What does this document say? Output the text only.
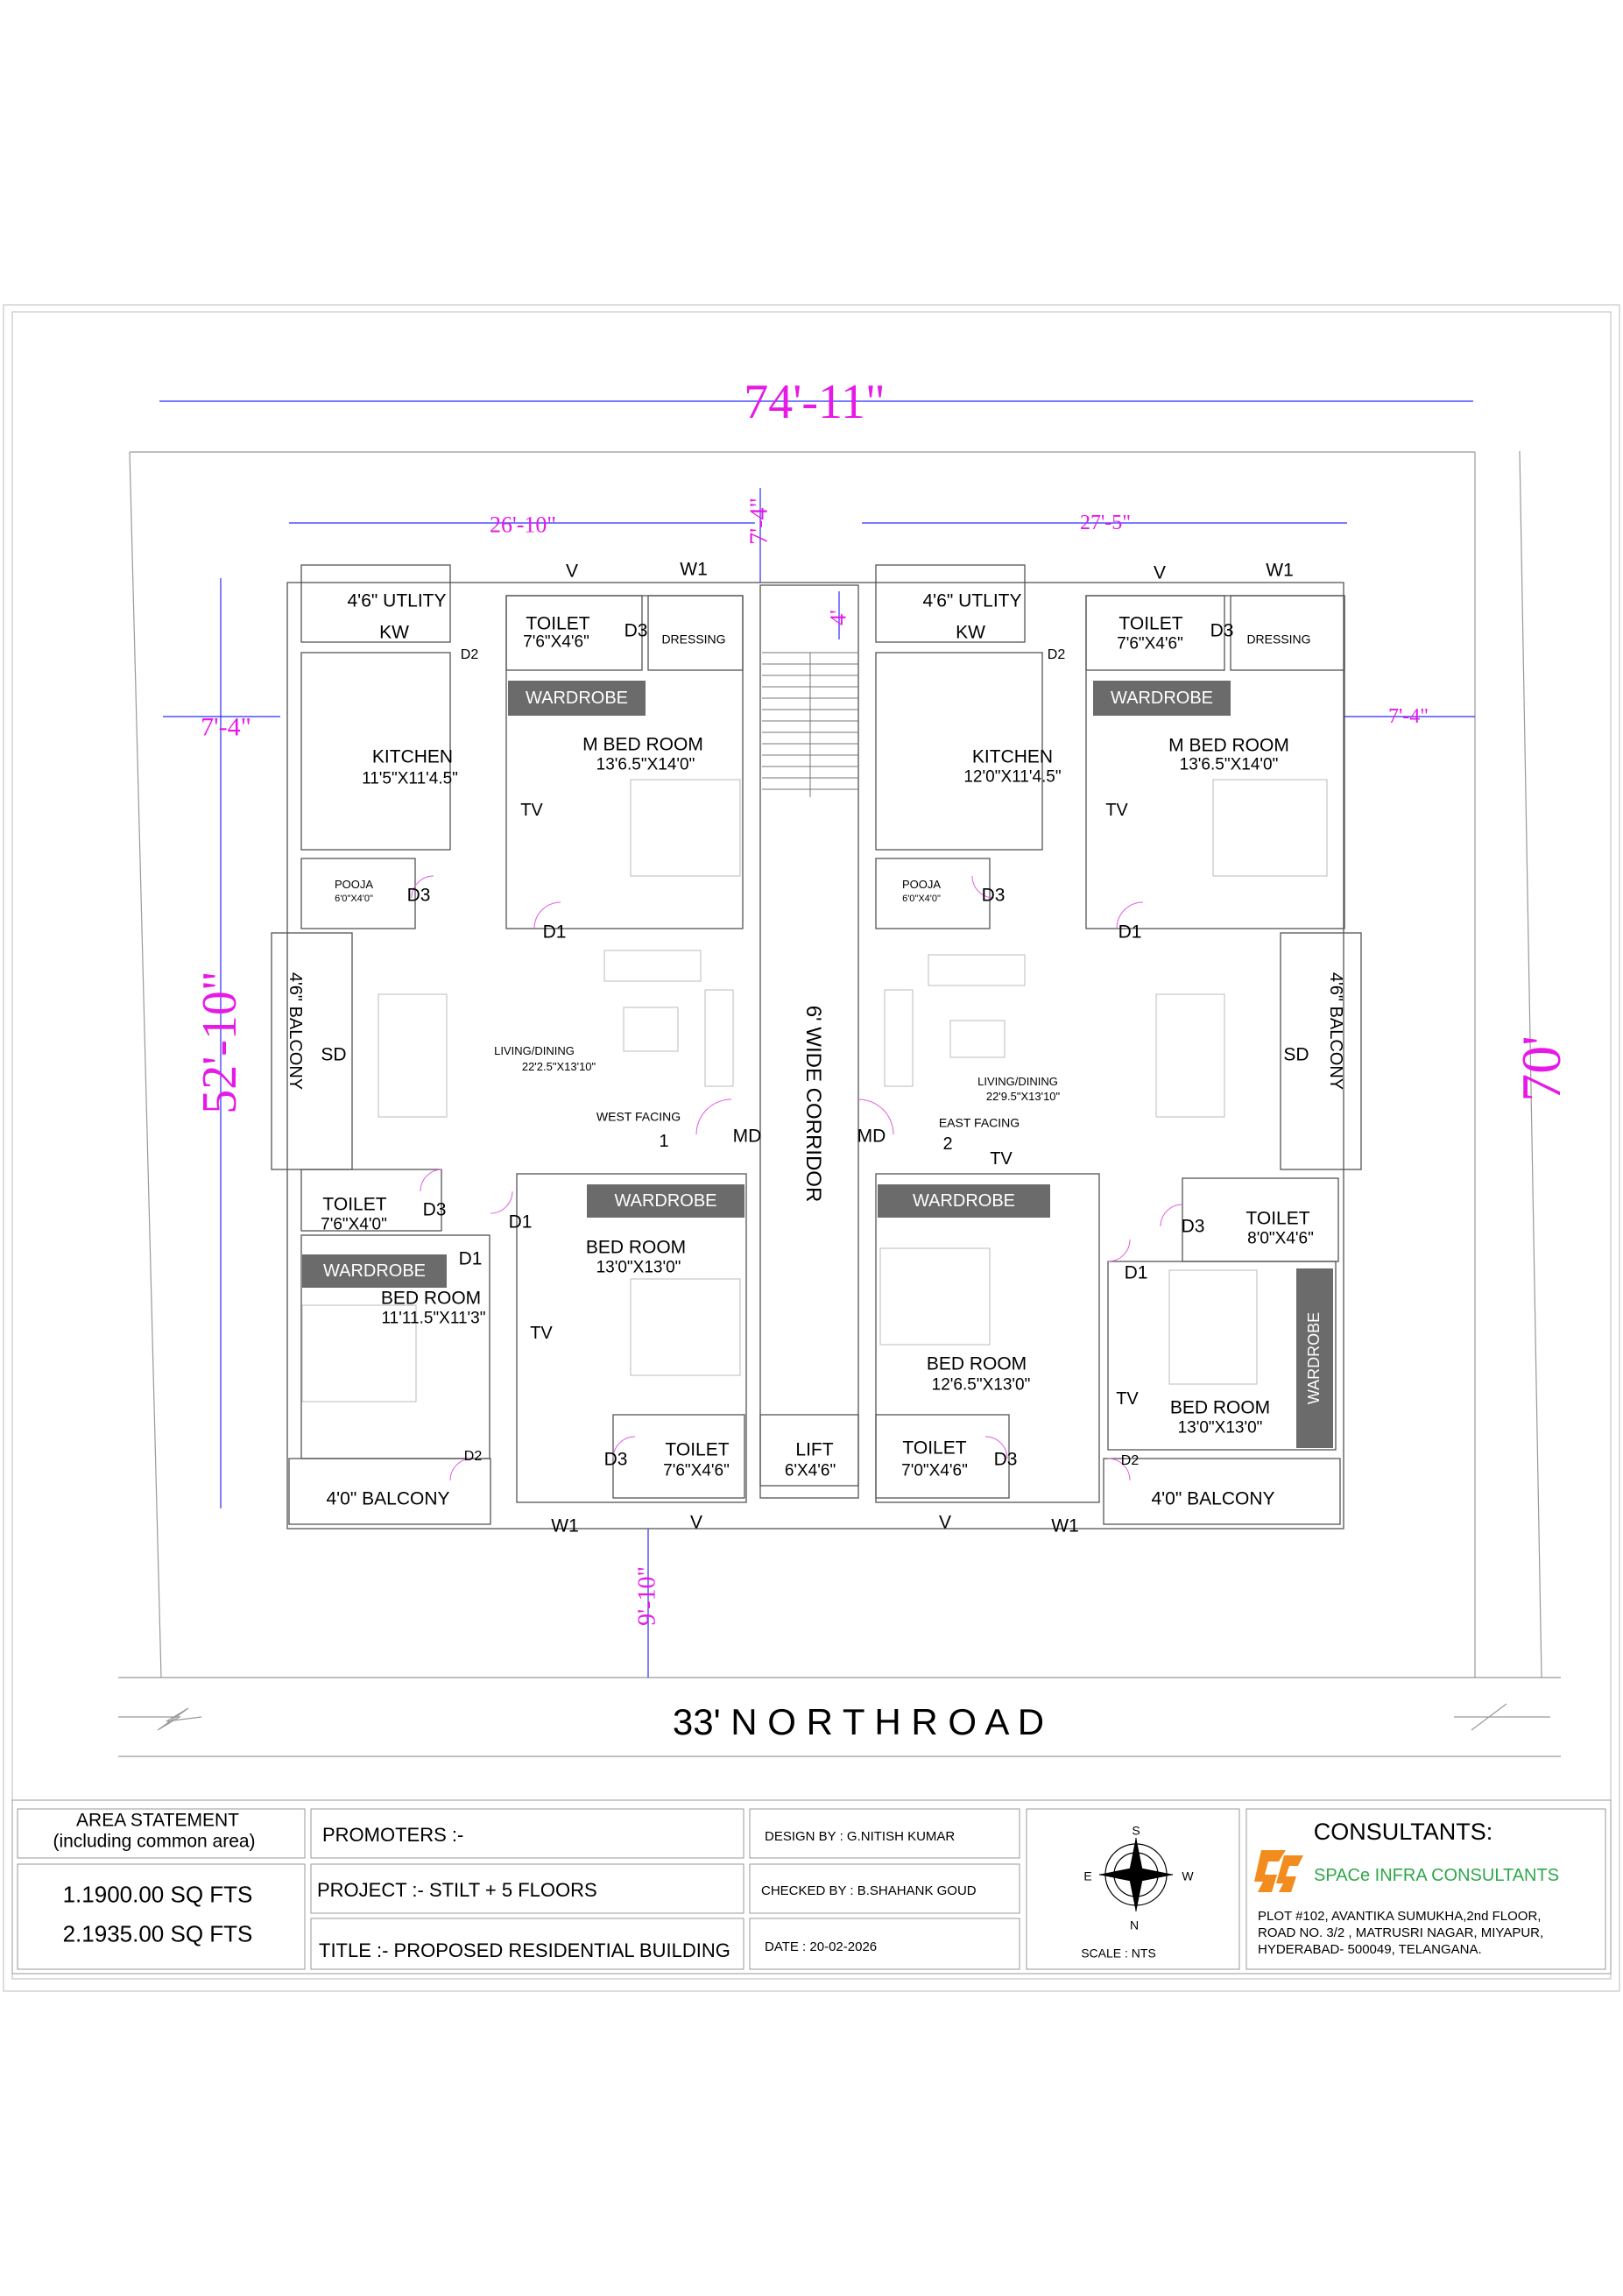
74'-11"
26'-10"	27'-5"
7'-4"
4'
7'-4"	7'-4"
52'-10"	70'
9'-10"
33' N O R T H R O A D
6' WIDE CORRIDOR
4'6" UTLITY
KW
D2
V	W1
TOILET
7'6"X4'6"
D3 DRESSING
WARDROBE
M BED ROOM
13'6.5"X14'0"
KITCHEN
11'5"X11'4.5"
TV
POOJA
6'0"X4'0" D3
D1
4'6" BALCONY SD	LIVING/DINING
22'2.5"X13'10"
WEST FACING
1	MD
TOILET
7'6"X4'0"
D3
D1
D1
WARDROBE
WARDROBE
BED ROOM
13'0"X13'0"
BED ROOM
11'11.5"X11'3"
TV
TOILET
7'6"X4'6"
D3
D2
4'0" BALCONY
W1	V
LIFT
6'X4'6"
4'6" UTLITY
KW
D2
V	W1
TOILET
7'6"X4'6"
D3 DRESSING
WARDROBE
M BED ROOM
13'6.5"X14'0"
KITCHEN
12'0"X11'4.5"
TV
POOJA
6'0"X4'0" D3
D1
4'6" BALCONY
SD
LIVING/DINING
22'9.5"X13'10"
EAST FACING
2
MD
TV
WARDROBE
D3 TOILET
8'0"X4'6"
D1
WARDROBE
BED ROOM
12'6.5"X13'0"
TV BED ROOM
13'0"X13'0"
TOILET
7'0"X4'6"
D3	D2
4'0" BALCONY
V	W1
AREA STATEMENT
(including common area)
1.1900.00 SQ FTS
2.1935.00 SQ FTS
PROMOTERS :-
PROJECT :- STILT + 5 FLOORS
TITLE :- PROPOSED RESIDENTIAL BUILDING
DESIGN BY : G.NITISH KUMAR
CHECKED BY : B.SHAHANK GOUD
DATE : 20-02-2026
S
E	W
N
SCALE : NTS
CONSULTANTS:
SPACe INFRA CONSULTANTS
PLOT #102, AVANTIKA SUMUKHA,2nd FLOOR,
ROAD NO. 3/2 , MATRUSRI NAGAR, MIYAPUR,
HYDERABAD- 500049, TELANGANA.
